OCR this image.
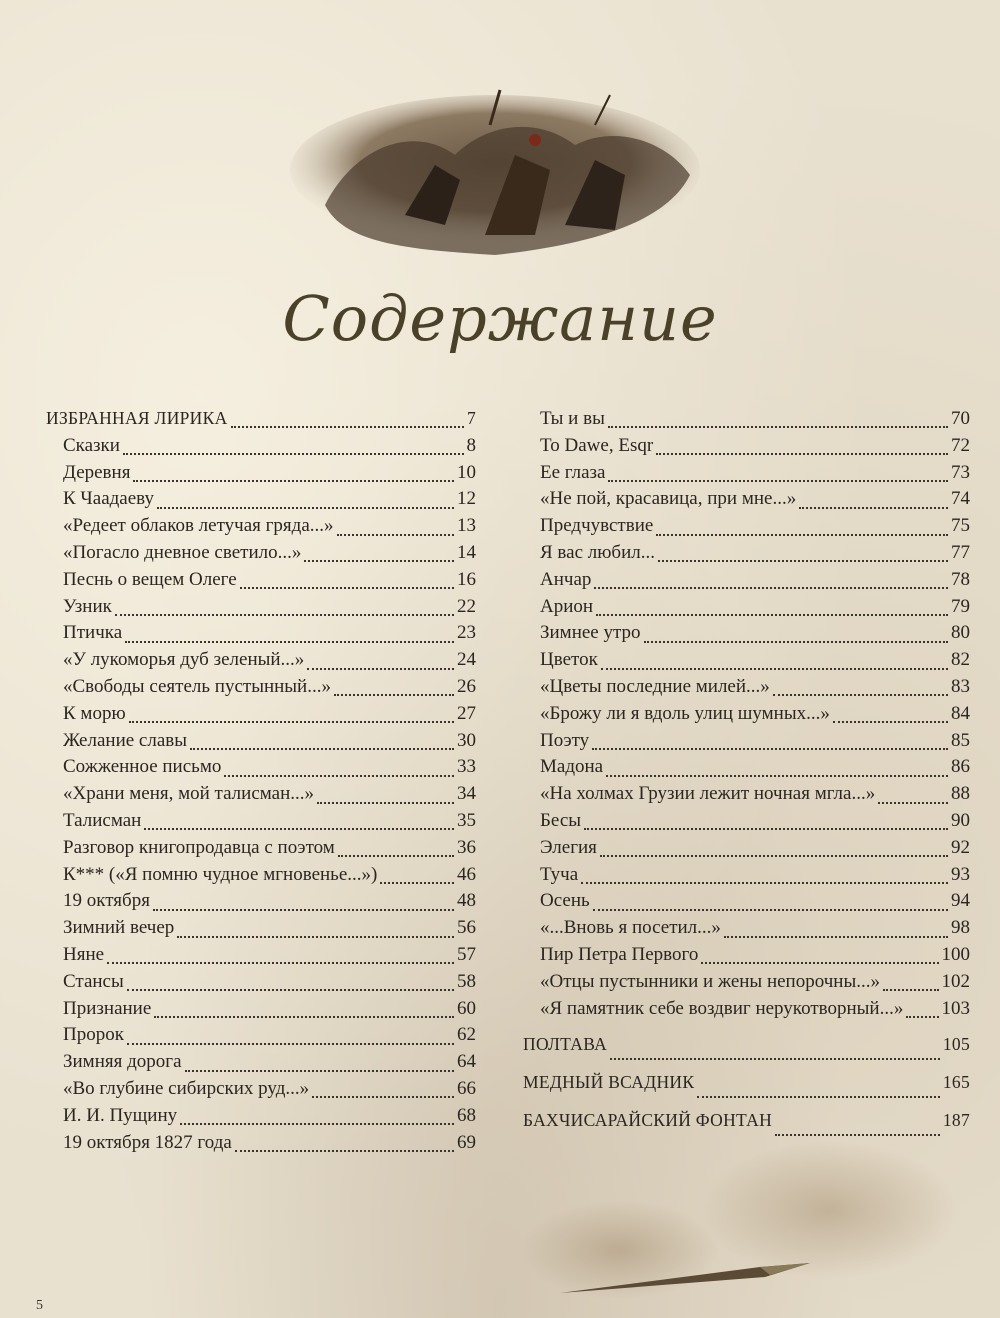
Содержание
ИЗБРАННАЯ ЛИРИКА	7
Сказки	8
Деревня	10
К Чаадаеву	12
«Редеет облаков летучая гряда...»	13
«Погасло дневное светило...»	14
Песнь о вещем Олеге	16
Узник	22
Птичка	23
«У лукоморья дуб зеленый...»	24
«Свободы сеятель пустынный...»	26
К морю	27
Желание славы	30
Сожженное письмо	33
«Храни меня, мой талисман...»	34
Талисман	35
Разговор книгопродавца с поэтом	36
К*** («Я помню чудное мгновенье...»)	46
19 октября	48
Зимний вечер	56
Няне	57
Стансы	58
Признание	60
Пророк	62
Зимняя дорога	64
«Во глубине сибирских руд...»	66
И. И. Пущину	68
19 октября 1827 года	69
Ты и вы	70
To Dawe, Esqr	72
Ее глаза	73
«Не пой, красавица, при мне...»	74
Предчувствие	75
Я вас любил...	77
Анчар	78
Арион	79
Зимнее утро	80
Цветок	82
«Цветы последние милей...»	83
«Брожу ли я вдоль улиц шумных...»	84
Поэту	85
Мадона	86
«На холмах Грузии лежит ночная мгла...»	88
Бесы	90
Элегия	92
Туча	93
Осень	94
«...Вновь я посетил...»	98
Пир Петра Первого	100
«Отцы пустынники и жены непорочны...»	102
«Я памятник себе воздвиг нерукотворный...» 103
ПОЛТАВА	105
МЕДНЫЙ ВСАДНИК	165
БАХЧИСАРАЙСКИЙ ФОНТАН	187
5
